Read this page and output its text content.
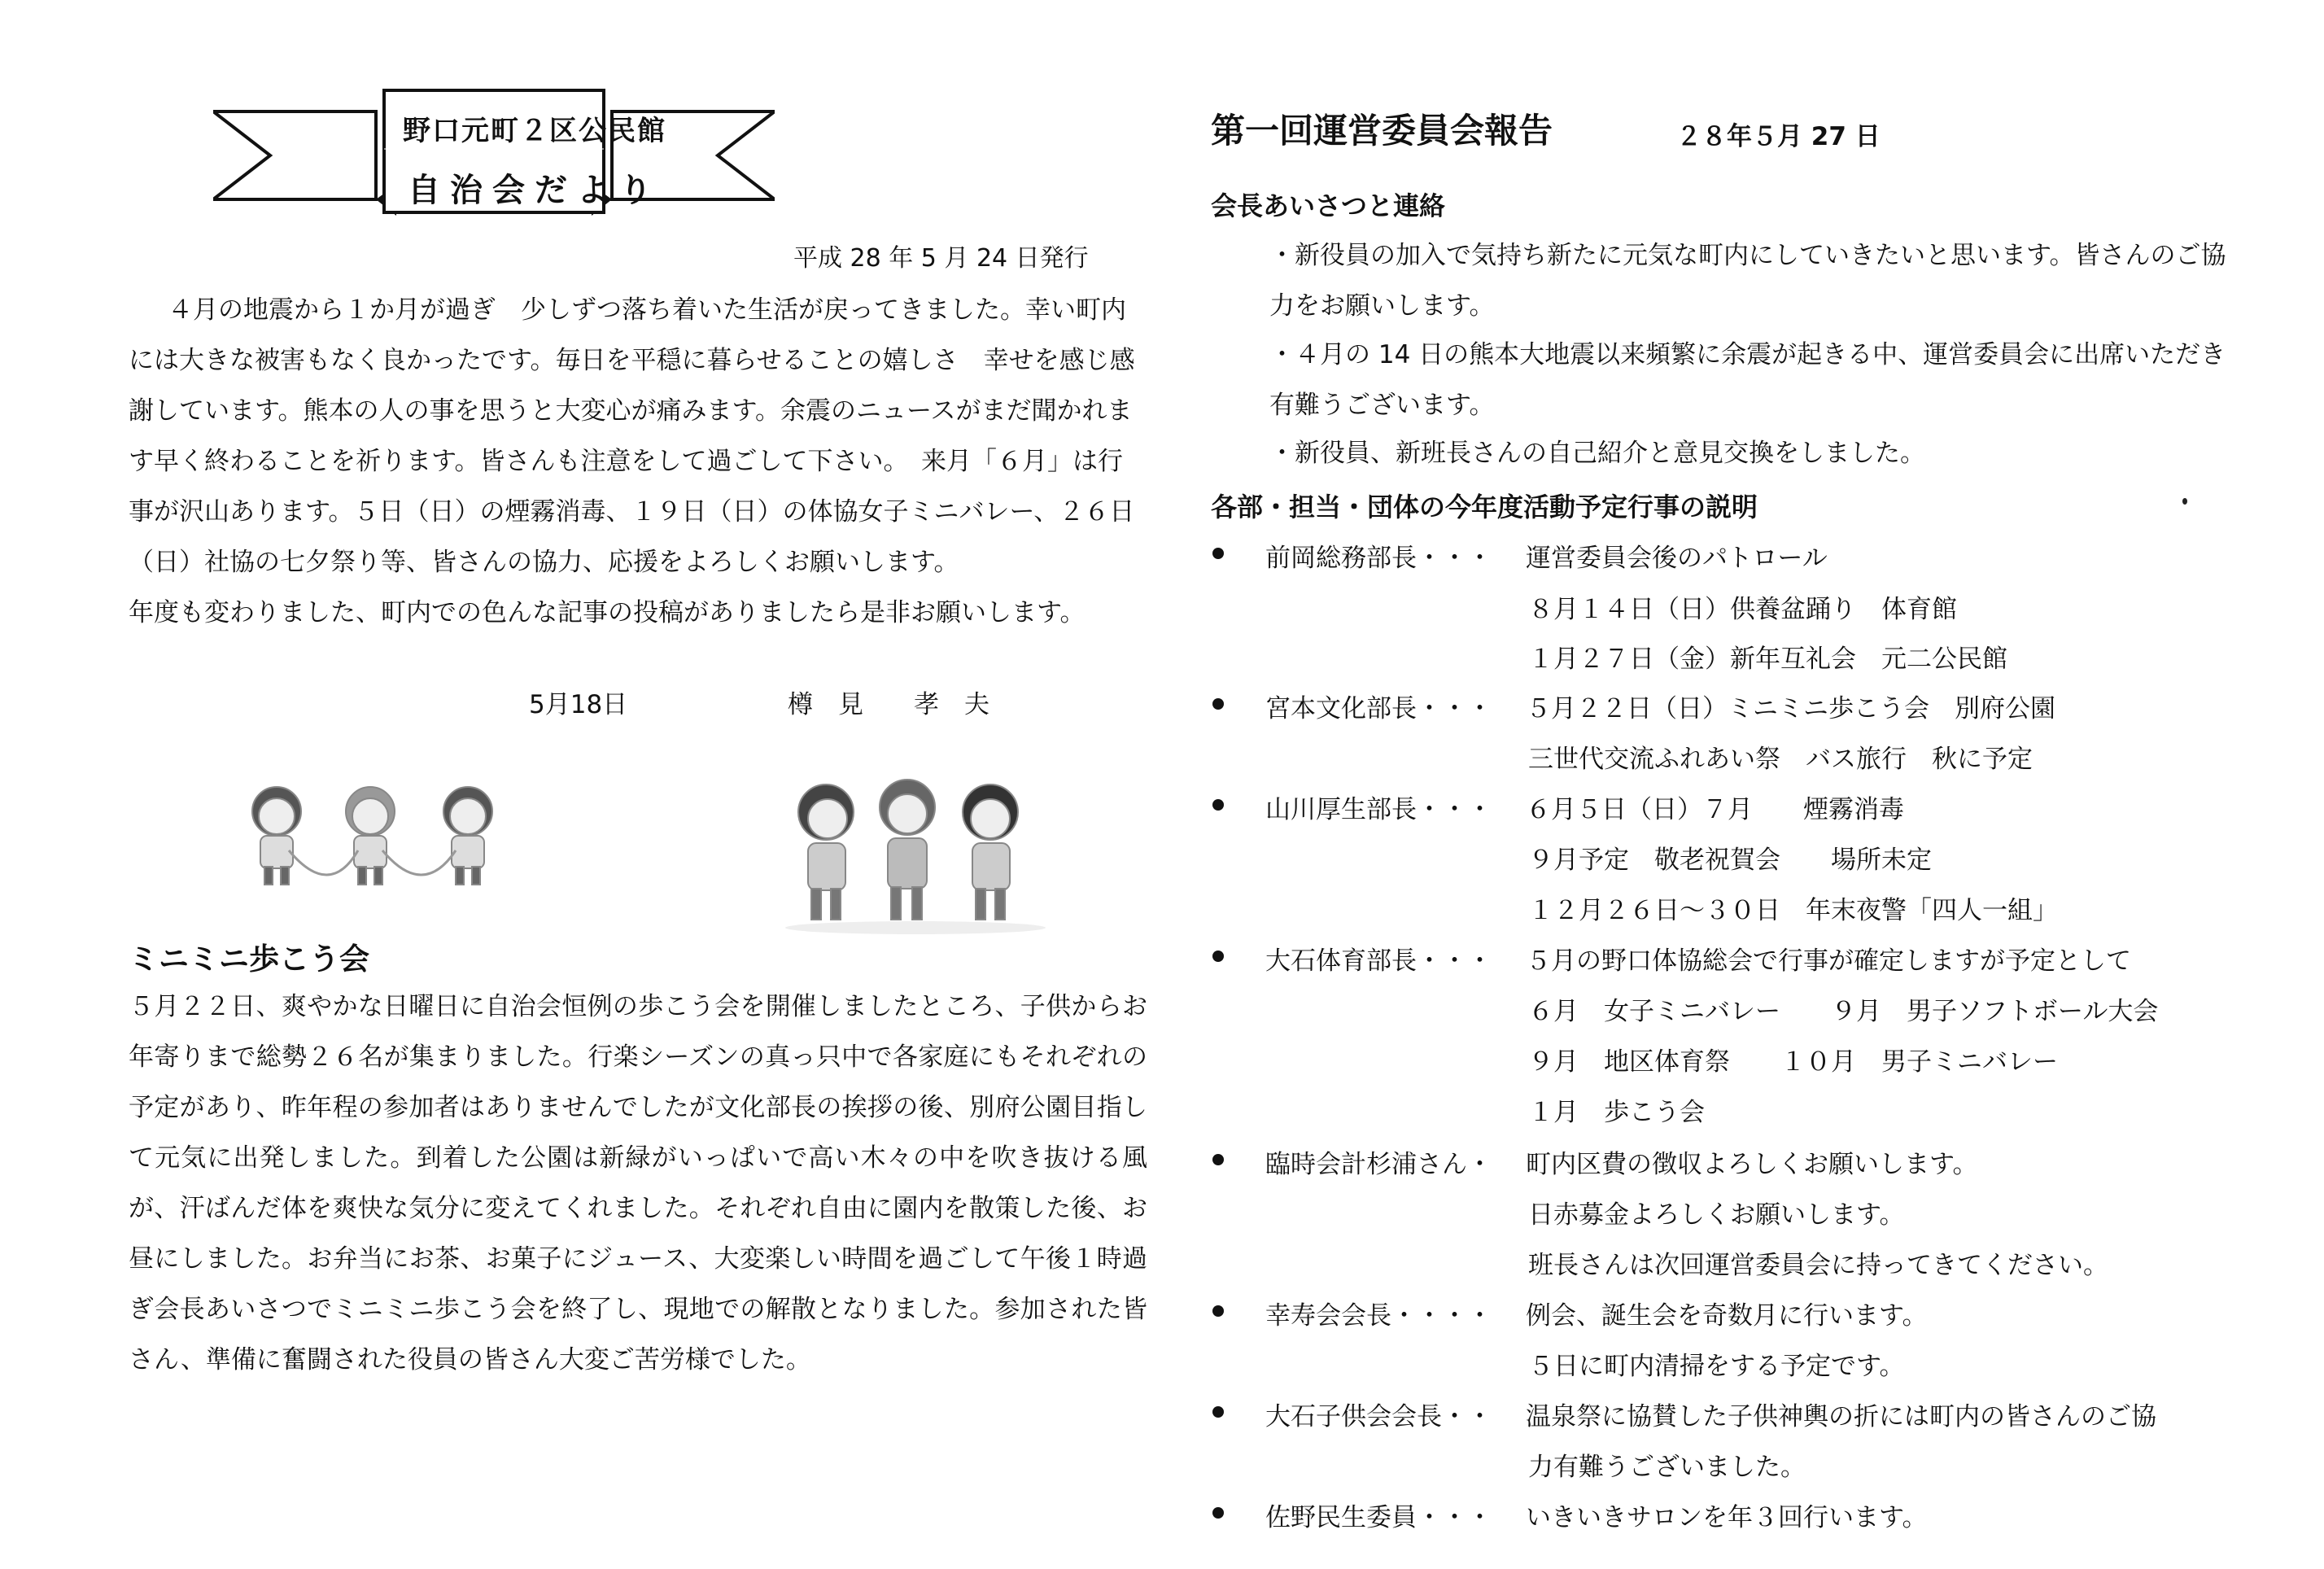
野口元町２区公民館
自治会だより
平成 28 年 5 月 24 日発行

４月の地震から１か月が過ぎ　少しずつ落ち着いた生活が戻ってきました。幸い町内には大きな被害もなく良かったです。毎日を平穏に暮らせることの嬉しさ　幸せを感じ感謝しています。熊本の人の事を思うと大変心が痛みます。余震のニュースがまだ聞かれます早く終わることを祈ります。皆さんも注意をして過ごして下さい。　来月「６月」は行事が沢山あります。５日（日）の煙霧消毒、１９日（日）の体協女子ミニバレー、２６日（日）社協の七夕祭り等、皆さんの協力、応援をよろしくお願いします。

年度も変わりました、町内での色んな記事の投稿がありましたら是非お願いします。

5月18日	樽　見　　孝　夫
ミニミニ歩こう会
５月２２日、爽やかな日曜日に自治会恒例の歩こう会を開催しましたところ、子供からお年寄りまで総勢２６名が集まりました。行楽シーズンの真っ只中で各家庭にもそれぞれの予定があり、昨年程の参加者はありませんでしたが文化部長の挨拶の後、別府公園目指して元気に出発しました。到着した公園は新緑がいっぱいで高い木々の中を吹き抜ける風が、汗ばんだ体を爽快な気分に変えてくれました。それぞれ自由に園内を散策した後、お昼にしました。お弁当にお茶、お菓子にジュース、大変楽しい時間を過ごして午後１時過ぎ会長あいさつでミニミニ歩こう会を終了し、現地での解散となりました。参加された皆さん、準備に奮闘された役員の皆さん大変ご苦労様でした。
第一回運営委員会報告	２８年５月 27 日
会長あいさつと連絡
・新役員の加入で気持ち新たに元気な町内にしていきたいと思います。皆さんのご協力をお願いします。
・４月の 14 日の熊本大地震以来頻繁に余震が起きる中、運営委員会に出席いただき有難うございます。
・新役員、新班長さんの自己紹介と意見交換をしました。
各部・担当・団体の今年度活動予定行事の説明
前岡総務部長・・・ 運営委員会後のパトロール
８月１４日（日）供養盆踊り　体育館
１月２７日（金）新年互礼会　元二公民館
宮本文化部長・・・ ５月２２日（日）ミニミニ歩こう会　別府公園
三世代交流ふれあい祭　バス旅行　秋に予定
山川厚生部長・・・ ６月５日（日）７月　　煙霧消毒
９月予定　敬老祝賀会　　場所未定
１２月２６日～３０日　年末夜警「四人一組」
大石体育部長・・・ ５月の野口体協総会で行事が確定しますが予定として
６月　女子ミニバレー　　９月　男子ソフトボール大会
９月　地区体育祭　　１０月　男子ミニバレー
１月　歩こう会
臨時会計杉浦さん・ 町内区費の徴収よろしくお願いします。
日赤募金よろしくお願いします。
班長さんは次回運営委員会に持ってきてください。
幸寿会会長・・・・ 例会、誕生会を奇数月に行います。
５日に町内清掃をする予定です。
大石子供会会長・・ 温泉祭に協賛した子供神輿の折には町内の皆さんのご協
力有難うございました。
佐野民生委員・・・ いきいきサロンを年３回行います。
